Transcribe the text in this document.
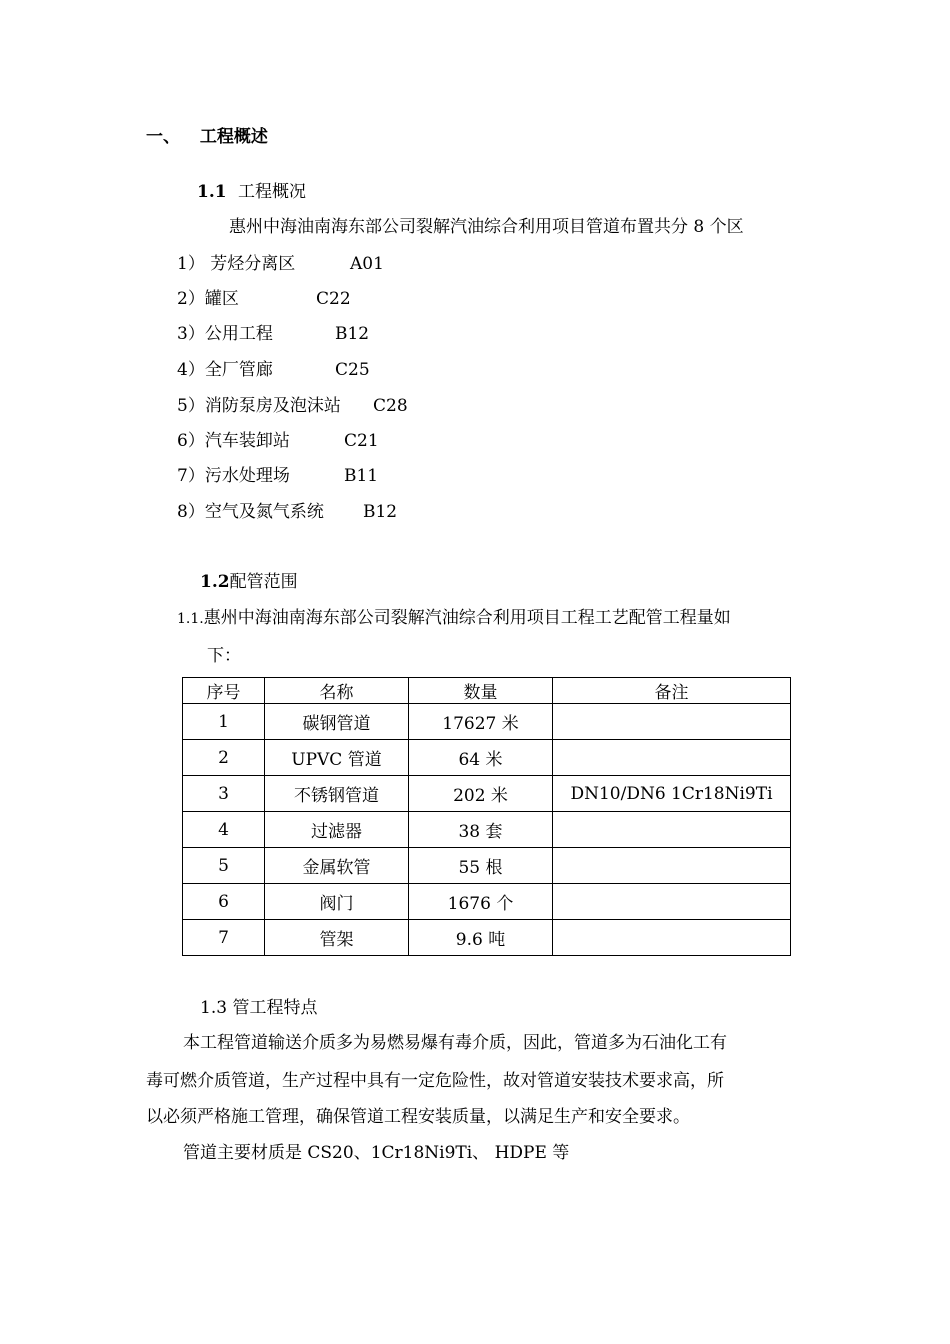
一、 工程概述
1.1 工程概况
惠州中海油南海东部公司裂解汽油综合利用项目管道布置共分 8 个区
1） 芳烃分离区	A01
2）罐区	C22
3）公用工程	B12
4）全厂管廊	C25
5）消防泵房及泡沫站 C28
6）汽车装卸站	C21
7）污水处理场	B11
8）空气及氮气系统 B12
1.2配管范围
1.1.惠州中海油南海东部公司裂解汽油综合利用项目工程工艺配管工程量如
下：
序号	名称	数量	备注
1	碳钢管道	17627 米	
2	UPVC 管道	64 米	
3	不锈钢管道	202 米	DN10/DN6 1Cr18Ni9Ti
4	过滤器	38 套	
5	金属软管	55 根	
6	阀门	1676 个	
7	管架	9.6 吨	
1.3 管工程特点
本工程管道输送介质多为易燃易爆有毒介质，因此，管道多为石油化工有
毒可燃介质管道，生产过程中具有一定危险性，故对管道安装技术要求高，所
以必须严格施工管理，确保管道工程安装质量，以满足生产和安全要求。
管道主要材质是 CS20、1Cr18Ni9Ti、 HDPE 等
